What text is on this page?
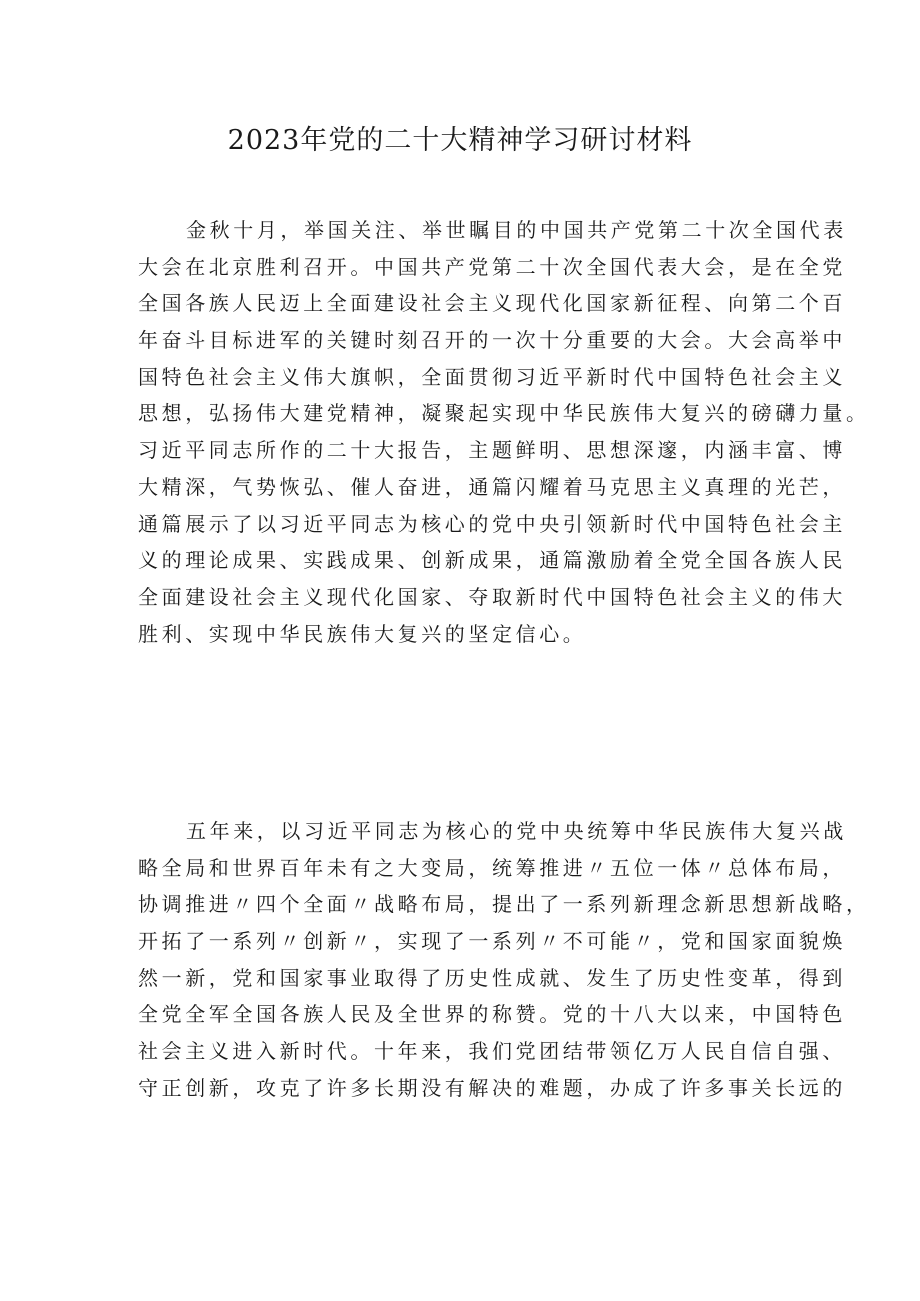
2023年党的二十大精神学习研讨材料
金秋十月，举国关注、举世瞩目的中国共产党第二十次全国代表
大会在北京胜利召开。中国共产党第二十次全国代表大会，是在全党
全国各族人民迈上全面建设社会主义现代化国家新征程、向第二个百
年奋斗目标进军的关键时刻召开的一次十分重要的大会。大会高举中
国特色社会主义伟大旗帜，全面贯彻习近平新时代中国特色社会主义
思想，弘扬伟大建党精神，凝聚起实现中华民族伟大复兴的磅礴力量。
习近平同志所作的二十大报告，主题鲜明、思想深邃，内涵丰富、博
大精深，气势恢弘、催人奋进，通篇闪耀着马克思主义真理的光芒，
通篇展示了以习近平同志为核心的党中央引领新时代中国特色社会主
义的理论成果、实践成果、创新成果，通篇激励着全党全国各族人民
全面建设社会主义现代化国家、夺取新时代中国特色社会主义的伟大
胜利、实现中华民族伟大复兴的坚定信心。
五年来，以习近平同志为核心的党中央统筹中华民族伟大复兴战
略全局和世界百年未有之大变局，统筹推进〃五位一体〃总体布局，
协调推进〃四个全面〃战略布局，提出了一系列新理念新思想新战略，
开拓了一系列〃创新〃，实现了一系列〃不可能〃，党和国家面貌焕
然一新，党和国家事业取得了历史性成就、发生了历史性变革，得到
全党全军全国各族人民及全世界的称赞。党的十八大以来，中国特色
社会主义进入新时代。十年来，我们党团结带领亿万人民自信自强、
守正创新，攻克了许多长期没有解决的难题，办成了许多事关长远的
